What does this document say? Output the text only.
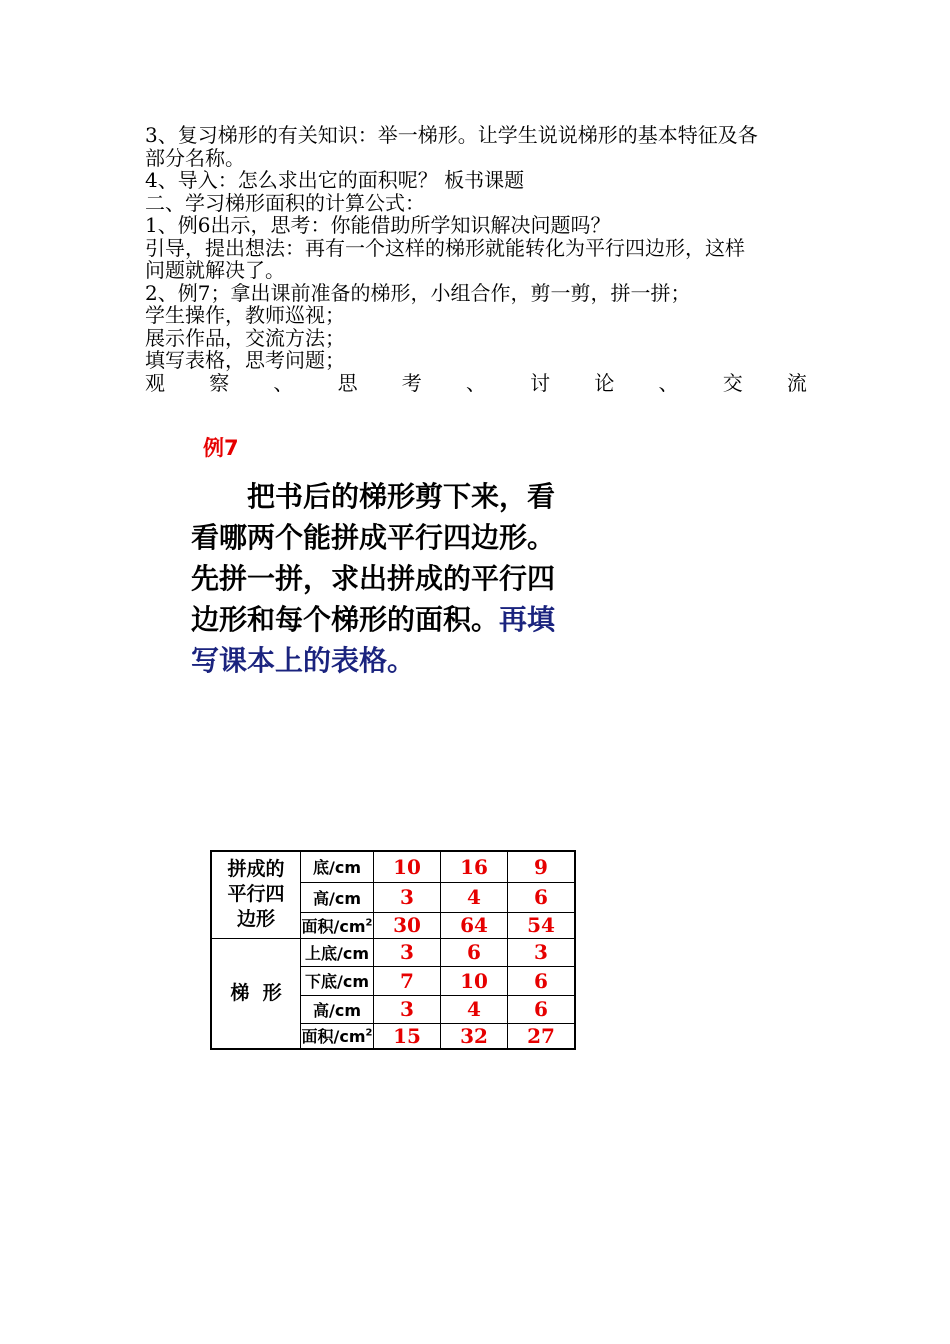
3、复习梯形的有关知识：举一梯形。让学生说说梯形的基本特征及各
部分名称。
4、导入：怎么求出它的面积呢？ 板书课题
二、学习梯形面积的计算公式：
1、例6出示，思考：你能借助所学知识解决问题吗？
引导，提出想法：再有一个这样的梯形就能转化为平行四边形，这样
问题就解决了。
2、例7；拿出课前准备的梯形，小组合作，剪一剪，拼一拼；
学生操作，教师巡视；
展示作品，交流方法；
填写表格，思考问题；
观 察 、 思 考 、 讨 论 、 交 流
例7
　　把书后的梯形剪下来，看
看哪两个能拼成平行四边形。
先拼一拼，求出拼成的平行四
边形和每个梯形的面积。再填
写课本上的表格。
拼成的
平行四
边形	底/cm	10	16	9
	高/cm	3	4	6
	面积$/cm^2$	30	64	54

梯  形	上底/cm	3	6	3
	下底/cm	7	10	6
	高/cm	3	4	6
	面积$/cm^2$	15	32	27
